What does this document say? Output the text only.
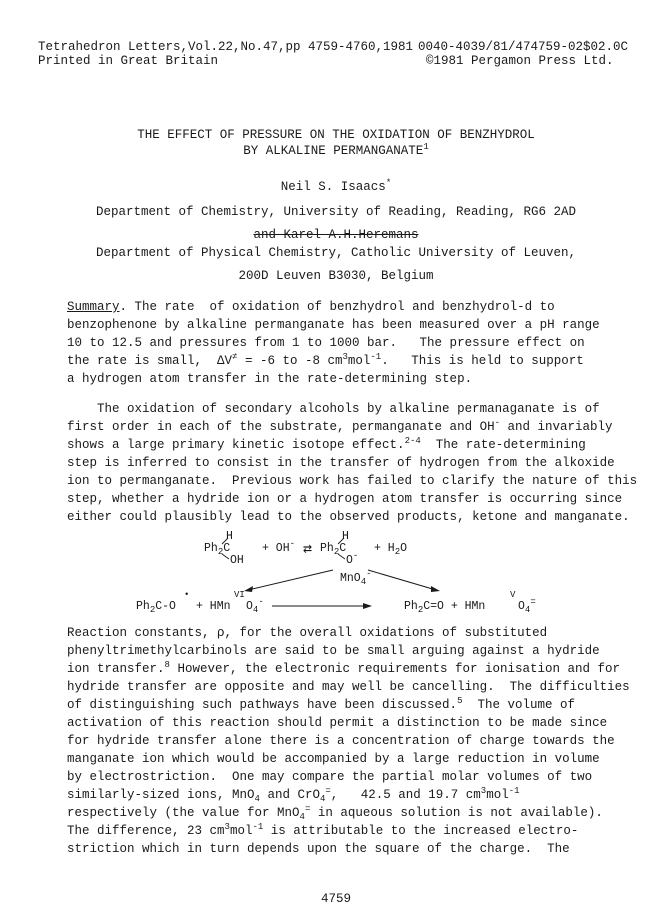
Tetrahedron Letters,Vol.22,No.47,pp 4759-4760,1981 0040-4039/81/474759-02$02.0C
Printed in Great Britain	©1981 Pergamon Press Ltd.
THE EFFECT OF PRESSURE ON THE OXIDATION OF BENZHYDROL
BY ALKALINE PERMANGANATE$^1$
Neil S. Isaacs*
Department of Chemistry, University of Reading, Reading, RG6 2AD
and Karel A.H.Heremans
Department of Physical Chemistry, Catholic University of Leuven,
200D Leuven B3030, Belgium
Summary. The rate  of oxidation of benzhydrol and benzhydrol-d to
benzophenone by alkaline permanganate has been measured over a pH range
10 to 12.5 and pressures from 1 to 1000 bar.   The pressure effect on
the rate is small,  ΔV≠ = -6 to -8 $cm^3mol^{-1}$.   This is held to support
a hydrogen atom transfer in the rate-determining step.
The oxidation of secondary alcohols by alkaline permanaganate is of
first order in each of the substrate, permanganate and OH- and invariably
shows a large primary kinetic isotope effect.$^{2-4}$  The rate-determining
step is inferred to consist in the transfer of hydrogen from the alkoxide
ion to permanganate.  Previous work has failed to clarify the nature of this
step, whether a hydride ion or a hydrogen atom transfer is occurring since
either could plausibly lead to the observed products, ketone and manganate.
H
$Ph_2C$
OH
+ OH- ⇄
H
$Ph_2C$
O-
+ $H_2O$
MnO$_4$-
$Ph_2C-O$
•
+ HMn
VI
$O_4^-$	$Ph_2C=O$ + HMn
V
$O_4^=$
Reaction constants, ρ, for the overall oxidations of substituted
phenyltrimethylcarbinols are said to be small arguing against a hydride
ion transfer.$^8$ However, the electronic requirements for ionisation and for
hydride transfer are opposite and may well be cancelling.  The difficulties
of distinguishing such pathways have been discussed.$^5$  The volume of
activation of this reaction should permit a distinction to be made since
for hydride transfer alone there is a concentration of charge towards the
manganate ion which would be accompanied by a large reduction in volume
by electrostriction.  One may compare the partial molar volumes of two
similarly-sized ions, MnO$_4$ and CrO$_4$=,   42.5 and 19.7 $cm^3mol^{-1}$
respectively (the value for MnO$_4$= in aqueous solution is not available).
The difference, 23 $cm^3mol^{-1}$ is attributable to the increased electro-
striction which in turn depends upon the square of the charge.  The
4759
